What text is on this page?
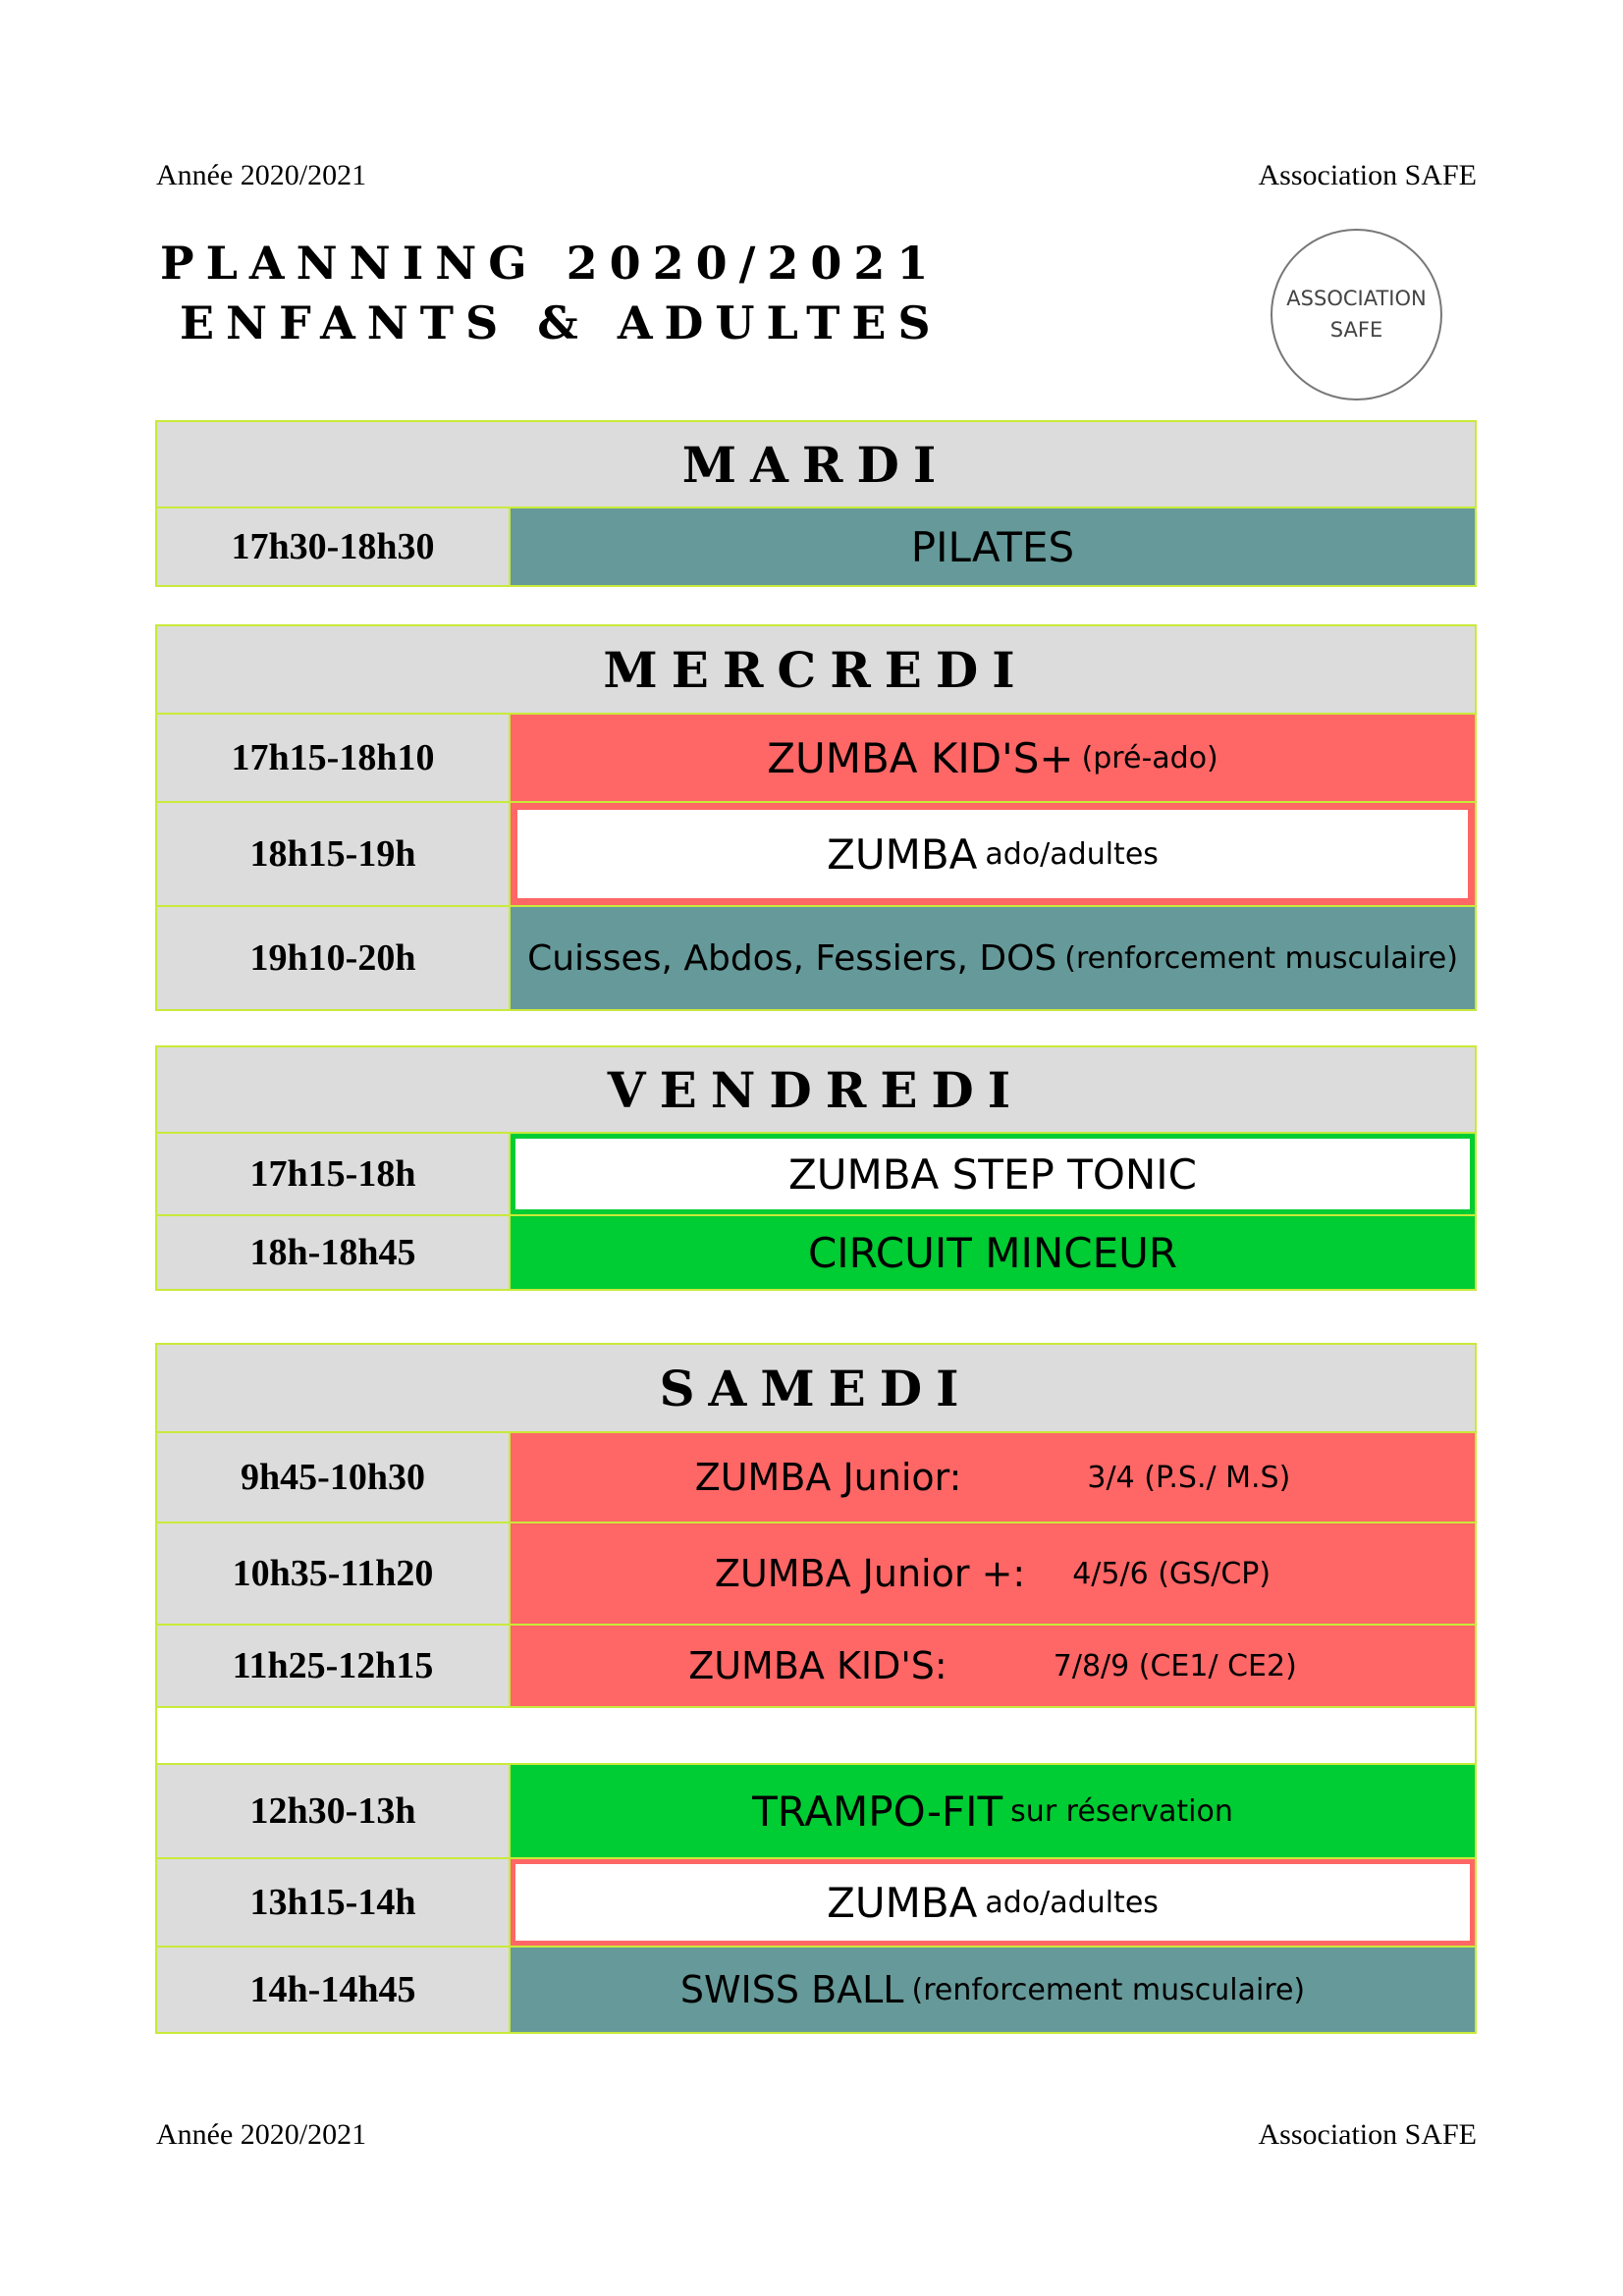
Année 2020/2021	Association SAFE
PLANNING 2020/2021
ENFANTS & ADULTES	ASSOCIATION
SAFE
MARDI
17h30-18h30	PILATES
MERCREDI
17h15-18h10	ZUMBA KID'S+ (pré-ado)
18h15-19h	ZUMBA ado/adultes
19h10-20h	Cuisses, Abdos, Fessiers, DOS (renforcement musculaire)
VENDREDI
17h15-18h	ZUMBA STEP TONIC
18h-18h45	CIRCUIT MINCEUR
SAMEDI
9h45-10h30	ZUMBA Junior:	3/4 (P.S./ M.S)
10h35-11h20	ZUMBA Junior +: 4/5/6 (GS/CP)
11h25-12h15	ZUMBA KID'S:	7/8/9 (CE1/ CE2)
12h30-13h	TRAMPO-FIT sur réservation
13h15-14h	ZUMBA ado/adultes
14h-14h45	SWISS BALL (renforcement musculaire)
Année 2020/2021	Association SAFE
